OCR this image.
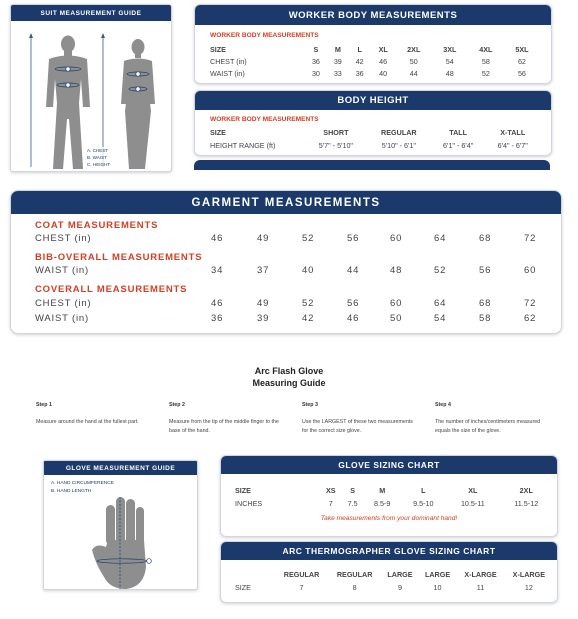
SUIT MEASUREMENT GUIDE
A. CHEST
B. WAIST
C. HEIGHT
WORKER BODY MEASUREMENTS
WORKER BODY MEASUREMENTS
SIZE	S	M	L	XL	2XL	3XL	4XL	5XL
CHEST (in)	36	39	42	46	50	54	58	62
WAIST (in)	30	33	36	40	44	48	52	56
BODY HEIGHT
WORKER BODY MEASUREMENTS
SIZE	SHORT	REGULAR	TALL	X-TALL
HEIGHT RANGE (ft)	5'7" - 5'10"	5'10" - 6'1"	6'1" - 6'4"	6'4" - 6'7"
GARMENT MEASUREMENTS
COAT MEASUREMENTS
CHEST (in)	46	49	52	56	60	64	68	72
BIB-OVERALL MEASUREMENTS
WAIST (in)	34	37	40	44	48	52	56	60
COVERALL MEASUREMENTS
CHEST (in)	46	49	52	56	60	64	68	72
WAIST (in)	36	39	42	46	50	54	58	62
Arc Flash Glove
Measuring Guide
Step 1
Measure around the hand at the fullest part.
Step 2
Measure from the tip of the middle finger to the base of the hand.
Step 3
Use the LARGEST of these two measurements for the correct size glove.
Step 4
The number of inches/centimeters measured equals the size of the glove.
GLOVE MEASUREMENT GUIDE
A. HAND CIRCUMFERENCE
B. HAND LENGTH
GLOVE SIZING CHART
SIZE	XS	S	M	L	XL	2XL
INCHES	7	7.5	8.5-9	9.5-10	10.5-11	11.5-12
Take measurements from your dominant hand!
ARC THERMOGRAPHER GLOVE SIZING CHART
	REGULAR	REGULAR	LARGE	LARGE	X-LARGE	X-LARGE
SIZE	7	8	9	10	11	12
